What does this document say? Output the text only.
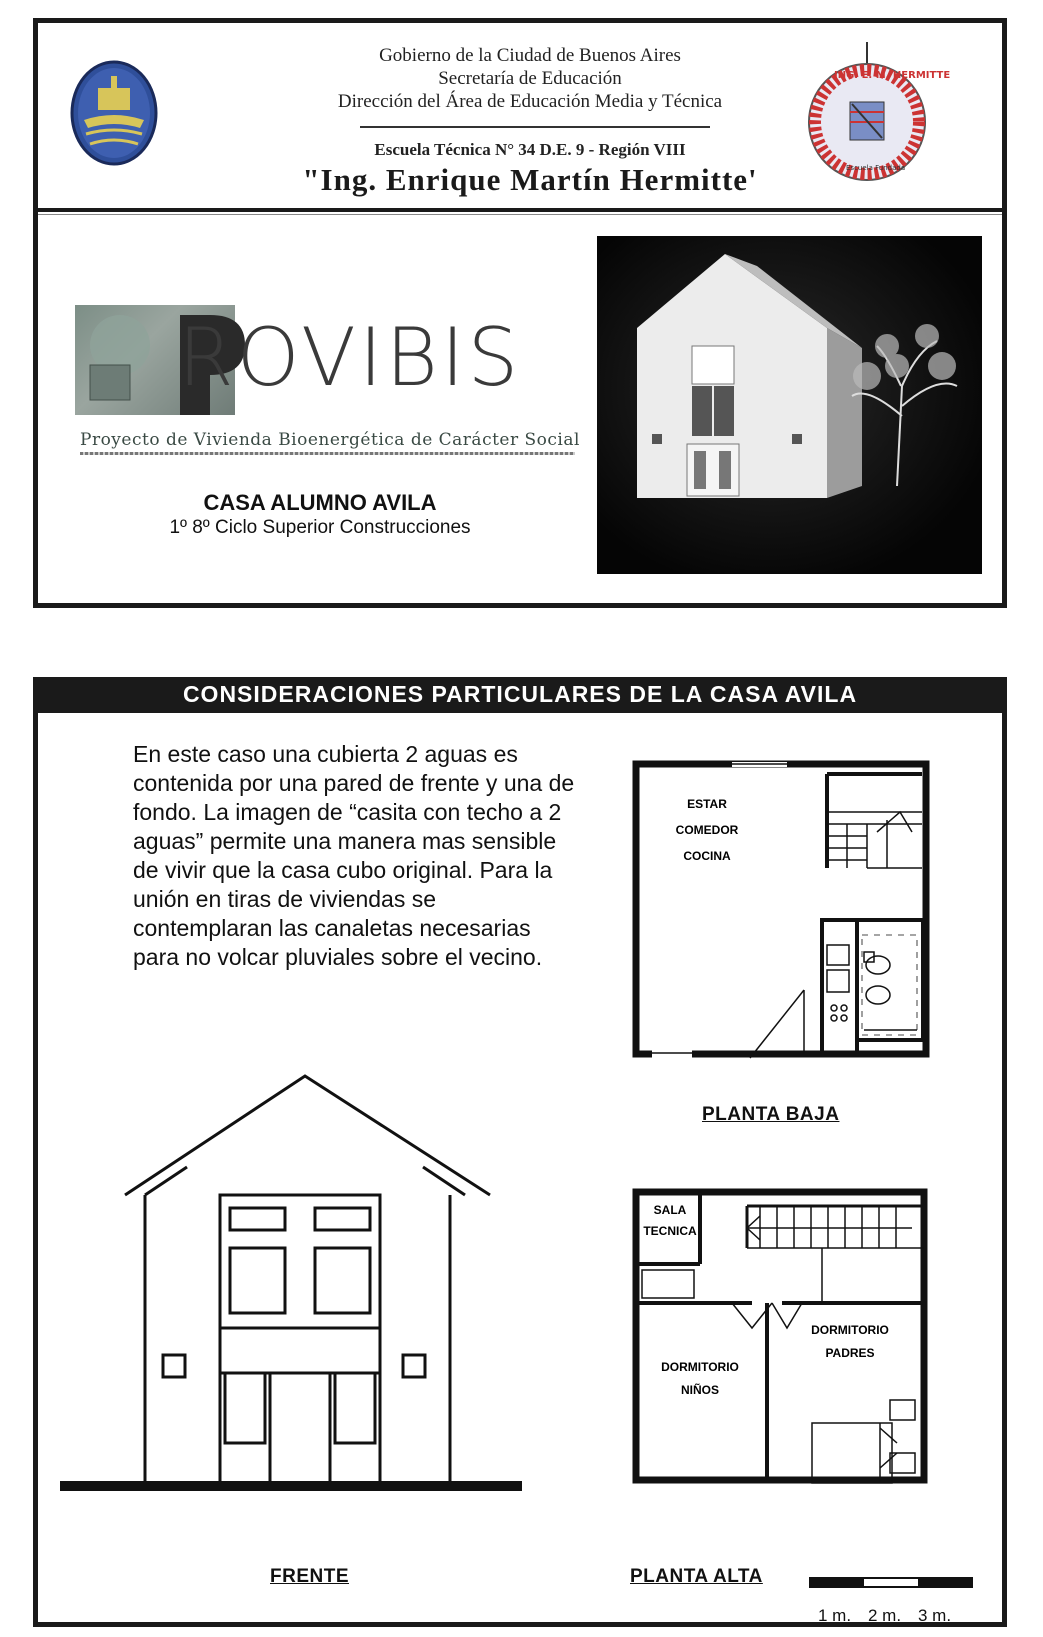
ING. E. M. HERMITTE
Escuela Fundada
Gobierno de la Ciudad de Buenos Aires
Secretaría de Educación
Dirección del Área de Educación Media y Técnica
Escuela Técnica N° 34 D.E. 9 - Región VIII
"Ing. Enrique Martín Hermitte'
ROVIBIS
Proyecto de Vivienda Bioenergética de Carácter Social
CASA ALUMNO AVILA
1º 8º Ciclo Superior Construcciones
CONSIDERACIONES PARTICULARES DE LA CASA AVILA
En este caso una cubierta 2 aguas es contenida por una pared de frente y una de fondo. La imagen de “casita con techo a 2 aguas” permite una manera mas sensible de vivir que la casa cubo original. Para la unión en tiras de viviendas se contemplaran las canaletas necesarias para no volcar pluviales sobre el vecino.
ESTAR
COMEDOR
COCINA
PLANTA BAJA
SALA
TECNICA
DORMITORIO
NIÑOS
DORMITORIO
PADRES
FRENTE	PLANTA ALTA
1 m. 2 m. 3 m.
